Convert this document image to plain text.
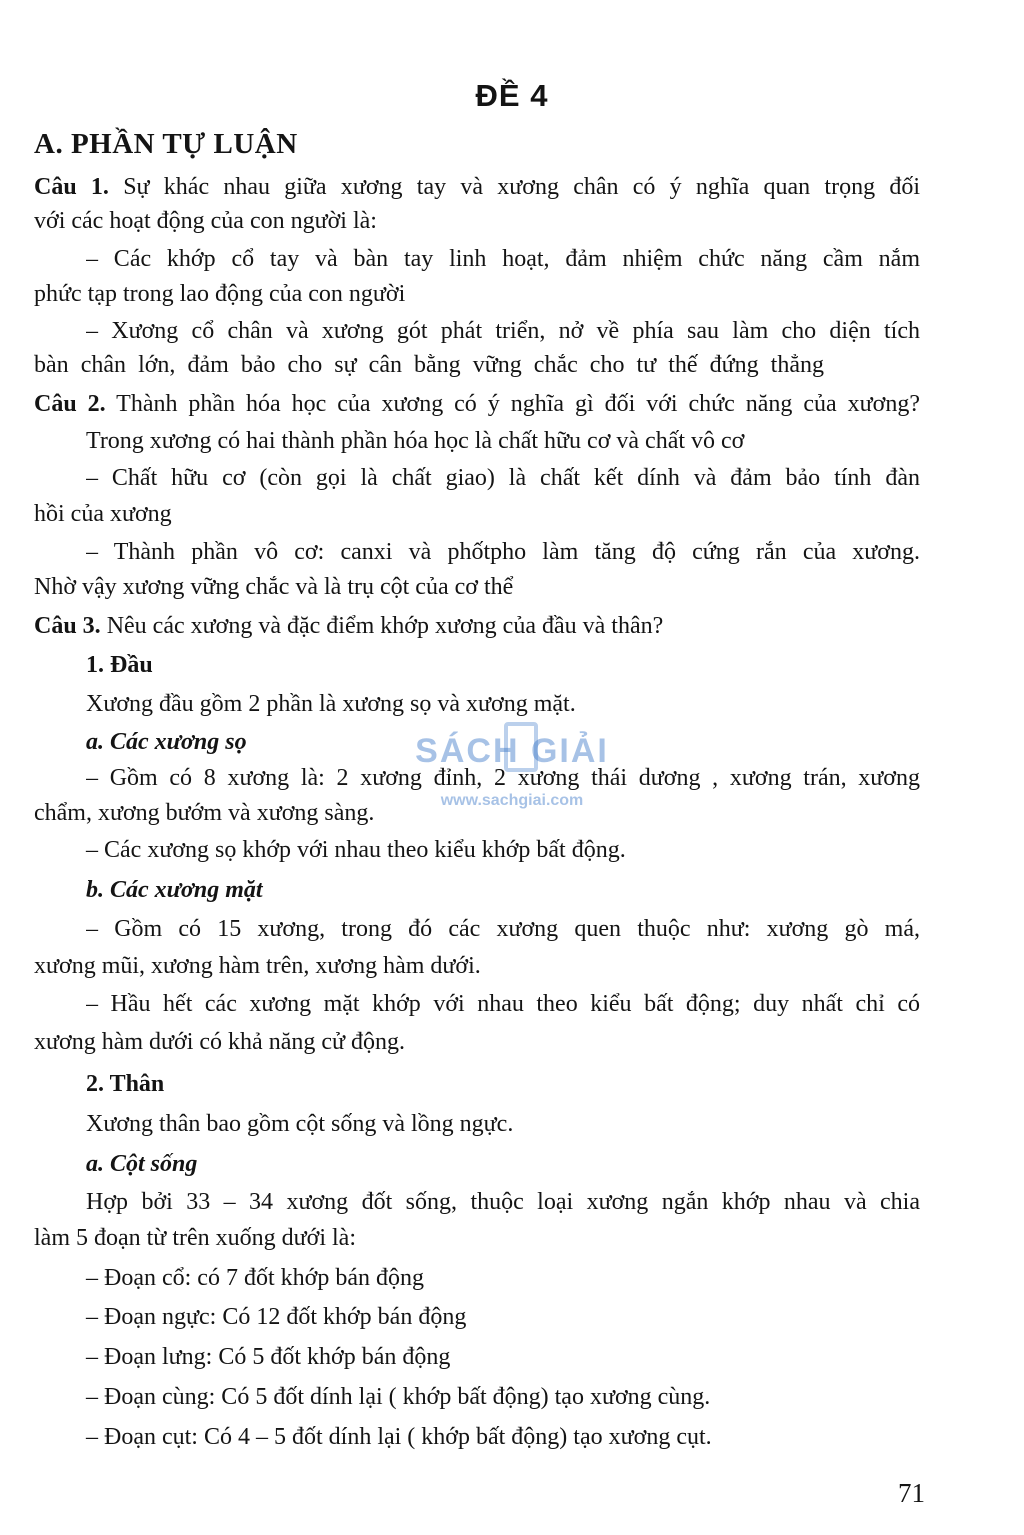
ĐỀ 4
A. PHẦN TỰ LUẬN
Câu 1. Sự khác nhau giữa xương tay và xương chân có ý nghĩa quan trọng đối
với các hoạt động của con người là:
– Các khớp cổ tay và bàn tay linh hoạt, đảm nhiệm chức năng cầm nắm
phức tạp trong lao động của con người
– Xương cổ chân và xương gót phát triển, nở về phía sau làm cho diện tích
bàn chân lớn, đảm bảo cho sự cân bằng vững chắc cho tư thế đứng thẳng
Câu 2. Thành phần hóa học của xương có ý nghĩa gì đối với chức năng của xương?
Trong xương có hai thành phần hóa học là chất hữu cơ và chất vô cơ
– Chất hữu cơ (còn gọi là chất giao) là chất kết dính và đảm bảo tính đàn
hồi của xương
– Thành phần vô cơ: canxi và phốtpho làm tăng độ cứng rắn của xương.
Nhờ vậy xương vững chắc và là trụ cột của cơ thể
Câu 3. Nêu các xương và đặc điểm khớp xương của đầu và thân?
1. Đầu
Xương đầu gồm 2 phần là xương sọ và xương mặt.
a. Các xương sọ
– Gồm có 8 xương là: 2 xương đỉnh, 2 xương thái dương , xương trán, xương
chẩm, xương bướm và xương sàng.
– Các xương sọ khớp với nhau theo kiểu khớp bất động.
b. Các xương mặt
– Gồm có 15 xương, trong đó các xương quen thuộc như: xương gò má,
xương mũi, xương hàm trên, xương hàm dưới.
– Hầu hết các xương mặt khớp với nhau theo kiểu bất động; duy nhất chỉ có
xương hàm dưới có khả năng cử động.
2. Thân
Xương thân bao gồm cột sống và lồng ngực.
a. Cột sống
Hợp bởi 33 – 34 xương đốt sống, thuộc loại xương ngắn khớp nhau và chia
làm 5 đoạn từ trên xuống dưới là:
– Đoạn cổ: có 7 đốt khớp bán động
– Đoạn ngực: Có 12 đốt khớp bán động
– Đoạn lưng: Có 5 đốt khớp bán động
– Đoạn cùng: Có 5 đốt dính lại ( khớp bất động) tạo xương cùng.
– Đoạn cụt: Có 4 – 5 đốt dính lại ( khớp bất động) tạo xương cụt.
SÁCH GIẢI
www.sachgiai.com
71
